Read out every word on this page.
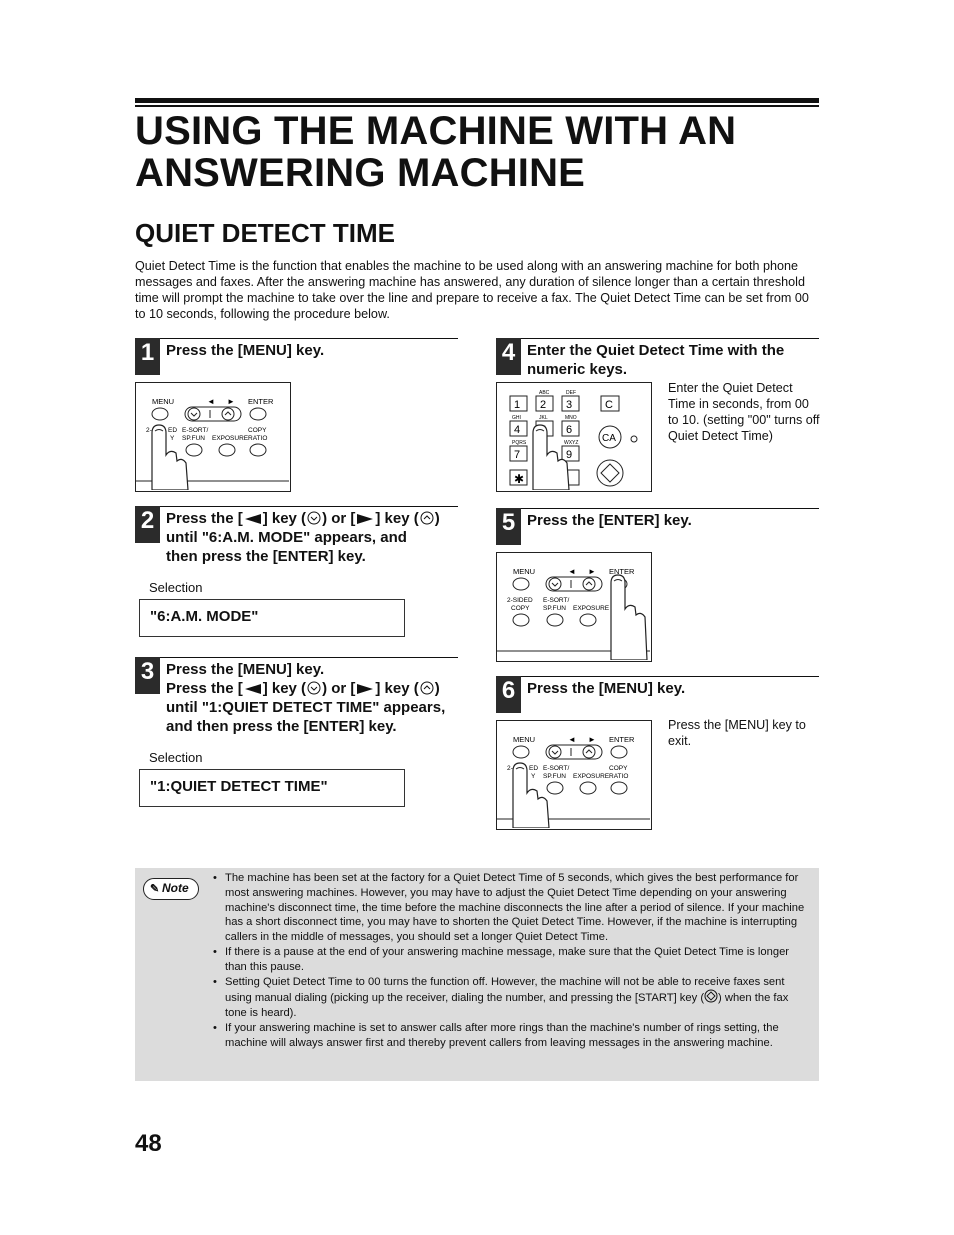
USING THE MACHINE WITH AN ANSWERING MACHINE
QUIET DETECT TIME
Quiet Detect Time is the function that enables the machine to be used along with an answering machine for both phone messages and faxes. After the answering machine has answered, any duration of silence longer than a certain threshold time will prompt the machine to take over the line and prepare to receive a fax. The Quiet Detect Time can be set from 00 to 10 seconds, following the procedure below.
1 Press the [MENU] key.
MENU	◄ ► ENTER
2- ED E-SORT/	COPY
Y SP.FUN EXPOSURE RATIO
2 Press the [ ] key ( ) or [ ] key ( )
until "6:A.M. MODE" appears, and
then press the [ENTER] key.
Selection
"6:A.M. MODE"
3 Press the [MENU] key.
Press the [ ] key ( ) or [ ] key ( )
until "1:QUIET DETECT TIME" appears,
and then press the [ENTER] key.
Selection
"1:QUIET DETECT TIME"
4 Enter the Quiet Detect Time with the numeric keys.
ABC	DEF
1 2 3	C
GHI	JKL	MNO
4	6
CA
PQRS	WXYZ
7	9
✱
Enter the Quiet Detect Time in seconds, from 00 to 10. (setting "00" turns off Quiet Detect Time)
5 Press the [ENTER] key.
MENU	◄ ► ENTER
2-SIDED E-SORT/
COPY SP.FUN EXPOSURE
6 Press the [MENU] key.
MENU	◄ ► ENTER
2- ED E-SORT/	COPY
Y SP.FUN EXPOSURE RATIO
Press the [MENU] key to exit.
✎ Note
• The machine has been set at the factory for a Quiet Detect Time of 5 seconds, which gives the best performance for most answering machines. However, you may have to adjust the Quiet Detect Time depending on your answering machine's disconnect time, the time before the machine disconnects the line after a period of silence. If your machine has a short disconnect time, you may have to shorten the Quiet Detect Time. However, if the machine is interrupting callers in the middle of messages, you should set a longer Quiet Detect Time.
• If there is a pause at the end of your answering machine message, make sure that the Quiet Detect Time is longer than this pause.
• Setting Quiet Detect Time to 00 turns the function off. However, the machine will not be able to receive faxes sent using manual dialing (picking up the receiver, dialing the number, and pressing the [START] key ( ) when the fax tone is heard).
• If your answering machine is set to answer calls after more rings than the machine's number of rings setting, the machine will always answer first and thereby prevent callers from leaving messages in the answering machine.
48
